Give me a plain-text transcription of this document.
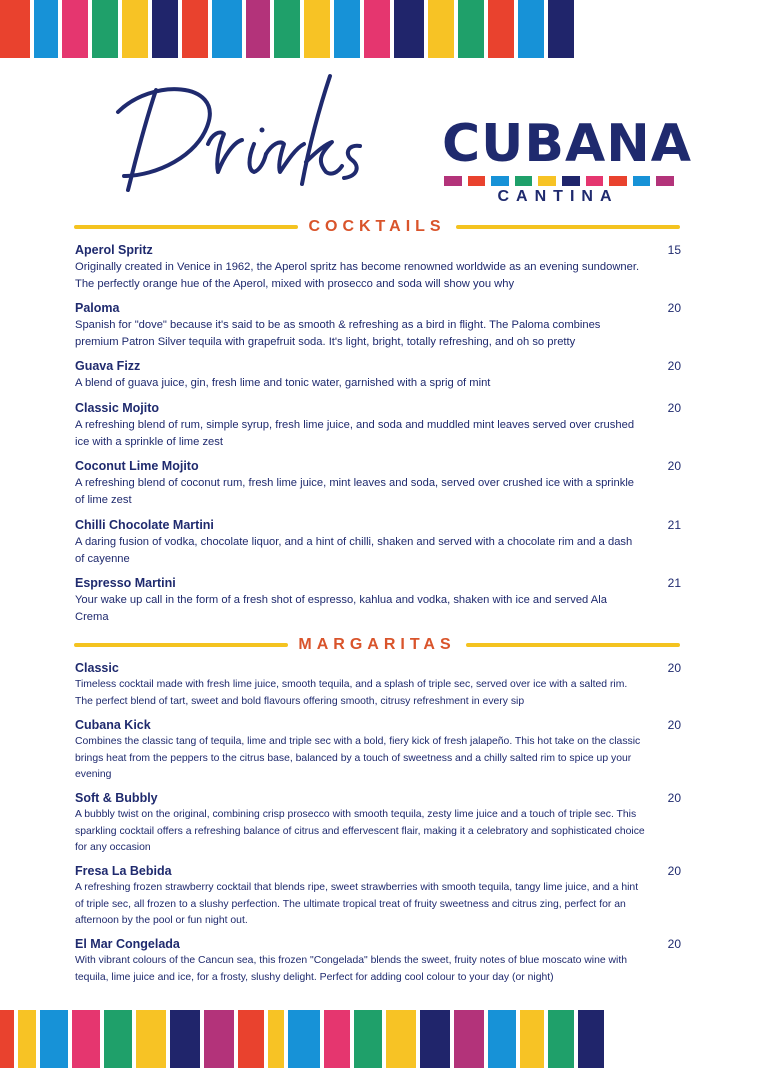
CUBANA
CANTINA
COCKTAILS
Aperol Spritz
Originally created in Venice in 1962, the Aperol spritz has become renowned worldwide as an evening sundowner. The perfectly orange hue of the Aperol, mixed with prosecco and soda will show you why
15
Paloma
Spanish for "dove" because it's said to be as smooth & refreshing as a bird in flight. The Paloma combines premium Patron Silver tequila with grapefruit soda. It's light, bright, totally refreshing, and oh so pretty
20
Guava Fizz
A blend of guava juice, gin, fresh lime and tonic water, garnished with a sprig of mint
20
Classic Mojito
A refreshing blend of rum, simple syrup, fresh lime juice, and soda and muddled mint leaves served over crushed ice with a sprinkle of lime zest
20
Coconut Lime Mojito
A refreshing blend of coconut rum, fresh lime juice, mint leaves and soda, served over crushed ice with a sprinkle of lime zest
20
Chilli Chocolate Martini
A daring fusion of vodka, chocolate liquor, and a hint of chilli, shaken and served with a chocolate rim and a dash of cayenne
21
Espresso Martini
Your wake up call in the form of a fresh shot of espresso, kahlua and vodka, shaken with ice and served Ala Crema
21
MARGARITAS
Classic
Timeless cocktail made with fresh lime juice, smooth tequila, and a splash of triple sec, served over ice with a salted rim. The perfect blend of tart, sweet and bold flavours offering smooth, citrusy refreshment in every sip
20
Cubana Kick
Combines the classic tang of tequila, lime and triple sec with a bold, fiery kick of fresh jalapeño. This hot take on the classic brings heat from the peppers to the citrus base, balanced by a touch of sweetness and a chilly salted rim to spice up your evening
20
Soft & Bubbly
A bubbly twist on the original, combining crisp prosecco with smooth tequila, zesty lime juice and a touch of triple sec. This sparkling cocktail offers a refreshing balance of citrus and effervescent flair, making it a celebratory and sophisticated choice for any occasion
20
Fresa La Bebida
A refreshing frozen strawberry cocktail that blends ripe, sweet strawberries with smooth tequila, tangy lime juice, and a hint of triple sec, all frozen to a slushy perfection. The ultimate tropical treat of fruity sweetness and citrus zing, perfect for an afternoon by the pool or fun night out.
20
El Mar Congelada
With vibrant colours of the Cancun sea, this frozen "Congelada" blends the sweet, fruity notes of blue moscato wine with tequila, lime juice and ice, for a frosty, slushy delight. Perfect for adding cool colour to your day (or night)
20
